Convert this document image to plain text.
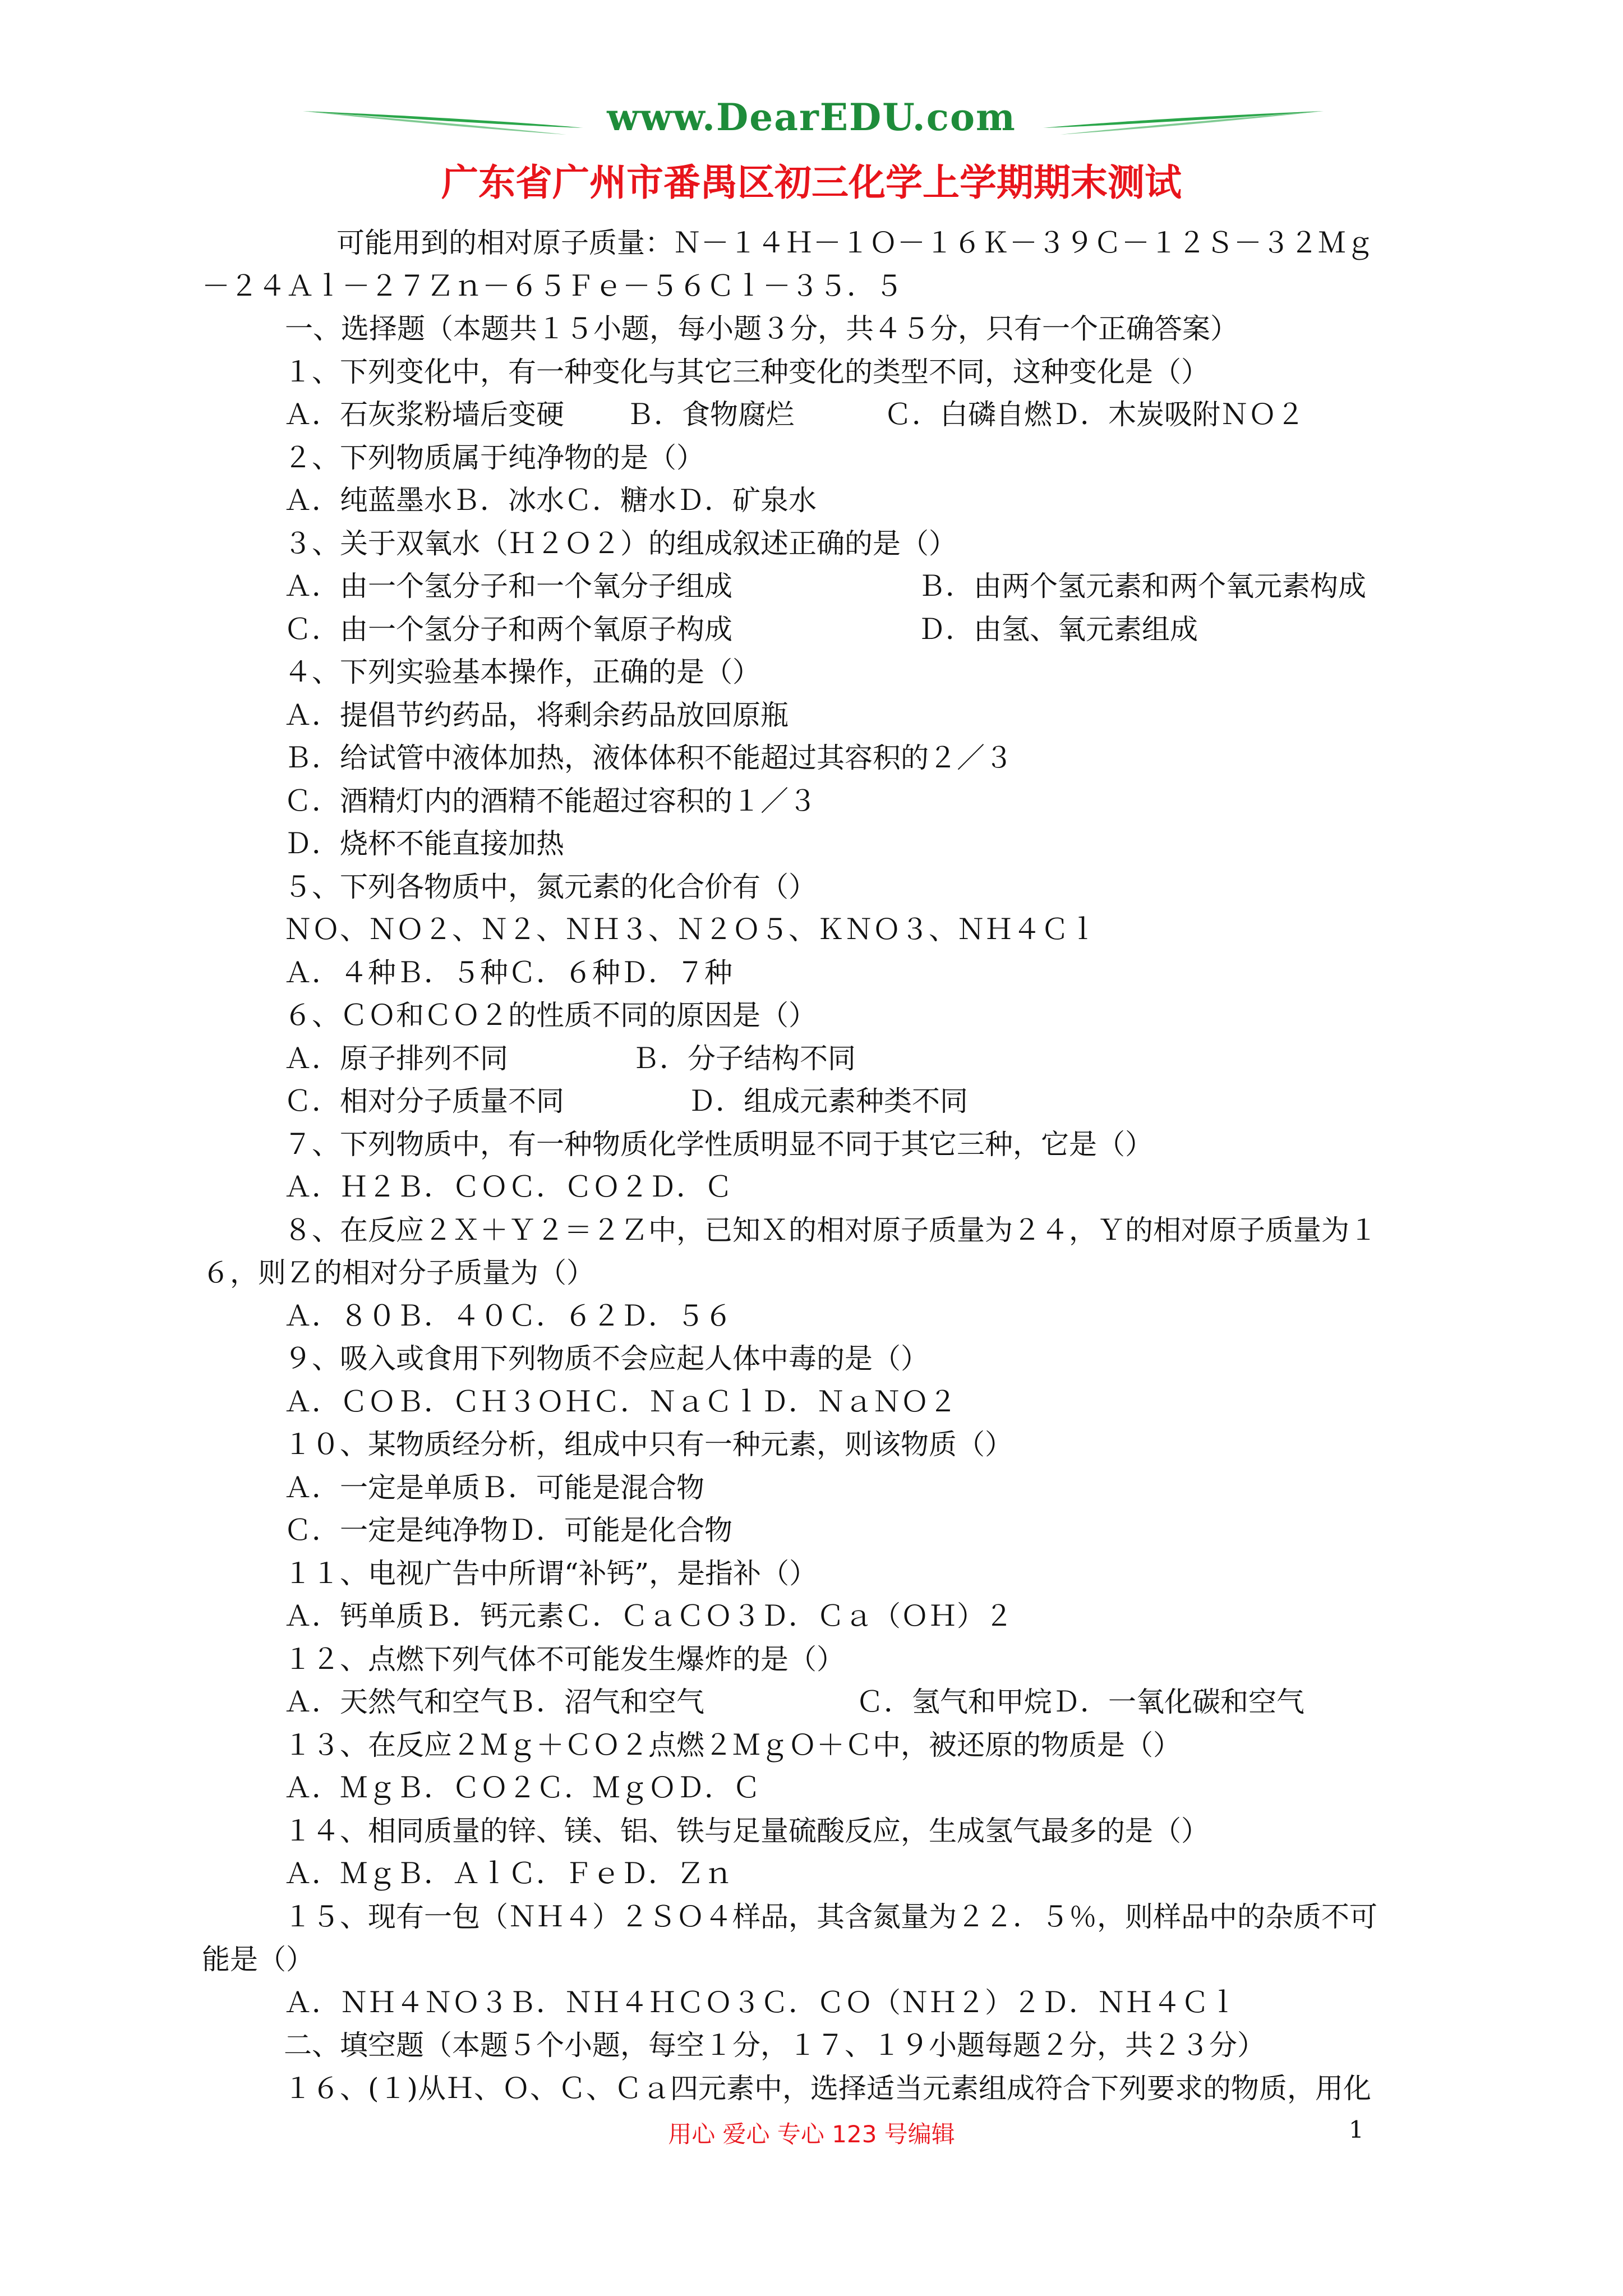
www.DearEDU.com
广东省广州市番禺区初三化学上学期期末测试

可能用到的相对原子质量：Ｎ－１４Ｈ－１Ｏ－１６Ｋ－３９Ｃ－１２Ｓ－３２Ｍｇ

－２４Ａｌ－２７Ｚｎ－６５Ｆｅ－５６Ｃｌ－３５．５

一、选择题（本题共１５小题，每小题３分，共４５分，只有一个正确答案）

１、下列变化中，有一种变化与其它三种变化的类型不同，这种变化是（）

Ａ．石灰浆粉墙后变硬	Ｂ．食物腐烂	Ｃ．白磷自燃Ｄ．木炭吸附ＮＯ２

２、下列物质属于纯净物的是（）

Ａ．纯蓝墨水Ｂ．冰水Ｃ．糖水Ｄ．矿泉水

３、关于双氧水（Ｈ２Ｏ２）的组成叙述正确的是（）

Ａ．由一个氢分子和一个氧分子组成	Ｂ．由两个氢元素和两个氧元素构成
Ｃ．由一个氢分子和两个氧原子构成	Ｄ．由氢、氧元素组成

４、下列实验基本操作，正确的是（）

Ａ．提倡节约药品，将剩余药品放回原瓶

Ｂ．给试管中液体加热，液体体积不能超过其容积的２／３

Ｃ．酒精灯内的酒精不能超过容积的１／３

Ｄ．烧杯不能直接加热

５、下列各物质中，氮元素的化合价有（）

ＮＯ、ＮＯ２、Ｎ２、ＮＨ３、Ｎ２Ｏ５、ＫＮＯ３、ＮＨ４Ｃｌ

Ａ．４种Ｂ．５种Ｃ．６种Ｄ．７种

６、ＣＯ和ＣＯ２的性质不同的原因是（）

Ａ．原子排列不同	Ｂ．分子结构不同
Ｃ．相对分子质量不同	Ｄ．组成元素种类不同

７、下列物质中，有一种物质化学性质明显不同于其它三种，它是（）

Ａ．Ｈ２Ｂ．ＣＯＣ．ＣＯ２Ｄ．Ｃ

８、在反应２Ｘ＋Ｙ２＝２Ｚ中，已知Ｘ的相对原子质量为２４，Ｙ的相对原子质量为１

６，则Ｚ的相对分子质量为（）

Ａ．８０Ｂ．４０Ｃ．６２Ｄ．５６

９、吸入或食用下列物质不会应起人体中毒的是（）

Ａ．ＣＯＢ．ＣＨ３ＯＨＣ．ＮａＣｌＤ．ＮａＮＯ２

１０、某物质经分析，组成中只有一种元素，则该物质（）

Ａ．一定是单质Ｂ．可能是混合物

Ｃ．一定是纯净物Ｄ．可能是化合物

１１、电视广告中所谓“补钙”，是指补（）

Ａ．钙单质Ｂ．钙元素Ｃ．ＣａＣＯ３Ｄ．Ｃａ（ＯＨ）２

１２、点燃下列气体不可能发生爆炸的是（）

Ａ．天然气和空气Ｂ．沼气和空气	Ｃ．氢气和甲烷Ｄ．一氧化碳和空气

１３、在反应２Ｍｇ＋ＣＯ２点燃２ＭｇＯ＋Ｃ中，被还原的物质是（）

Ａ．ＭｇＢ．ＣＯ２Ｃ．ＭｇＯＤ．Ｃ

１４、相同质量的锌、镁、铝、铁与足量硫酸反应，生成氢气最多的是（）

Ａ．ＭｇＢ．ＡｌＣ．ＦｅＤ．Ｚｎ

１５、现有一包（ＮＨ４）２ＳＯ４样品，其含氮量为２２．５％，则样品中的杂质不可

能是（）

Ａ．ＮＨ４ＮＯ３Ｂ．ＮＨ４ＨＣＯ３Ｃ．ＣＯ（ＮＨ２）２Ｄ．ＮＨ４Ｃｌ

二、填空题（本题５个小题，每空１分，１７、１９小题每题２分，共２３分）

１６、(１)从Ｈ、Ｏ、Ｃ、Ｃａ四元素中，选择适当元素组成符合下列要求的物质，用化

用心 爱心 专心 123 号编辑	1
